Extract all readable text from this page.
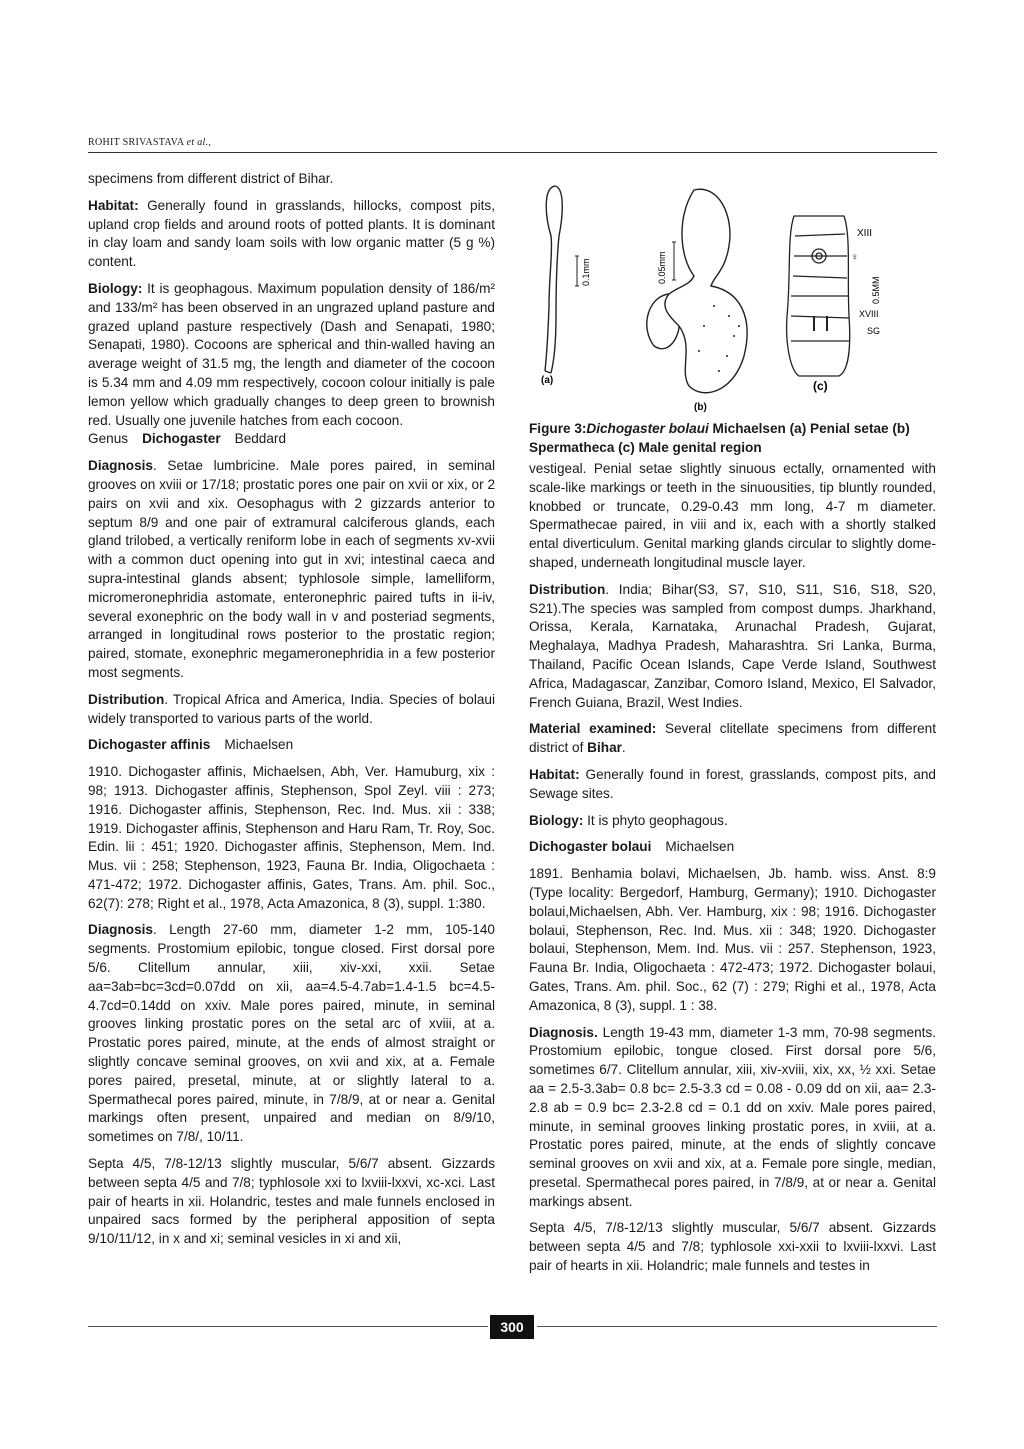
ROHIT SRIVASTAVA et al.,

specimens from different district of Bihar.

Habitat: Generally found in grasslands, hillocks, compost pits, upland crop fields and around roots of potted plants. It is dominant in clay loam and sandy loam soils with low organic matter (5 g %) content.

Biology: It is geophagous. Maximum population density of 186/m² and 133/m² has been observed in an ungrazed upland pasture and grazed upland pasture respectively (Dash and Senapati, 1980; Senapati, 1980). Cocoons are spherical and thin-walled having an average weight of 31.5 mg, the length and diameter of the cocoon is 5.34 mm and 4.09 mm respectively, cocoon colour initially is pale lemon yellow which gradually changes to deep green to brownish red. Usually one juvenile hatches from each cocoon.

Genus Dichogaster Beddard

Diagnosis. Setae lumbricine. Male pores paired, in seminal grooves on xviii or 17/18; prostatic pores one pair on xvii or xix, or 2 pairs on xvii and xix. Oesophagus with 2 gizzards anterior to septum 8/9 and one pair of extramural calciferous glands, each gland trilobed, a vertically reniform lobe in each of segments xv-xvii with a common duct opening into gut in xvi; intestinal caeca and supra-intestinal glands absent; typhlosole simple, lamelliform, micromeronephridia astomate, enteronephric paired tufts in ii-iv, several exonephric on the body wall in v and posteriad segments, arranged in longitudinal rows posterior to the prostatic region; paired, stomate, exonephric megameronephridia in a few posterior most segments.

Distribution. Tropical Africa and America, India. Species of bolaui widely transported to various parts of the world.

Dichogaster affinis Michaelsen

1910. Dichogaster affinis, Michaelsen, Abh, Ver. Hamuburg, xix : 98; 1913. Dichogaster affinis, Stephenson, Spol Zeyl. viii : 273; 1916. Dichogaster affinis, Stephenson, Rec. Ind. Mus. xii : 338; 1919. Dichogaster affinis, Stephenson and Haru Ram, Tr. Roy, Soc. Edin. lii : 451; 1920. Dichogaster affinis, Stephenson, Mem. Ind. Mus. vii : 258; Stephenson, 1923, Fauna Br. India, Oligochaeta : 471-472; 1972. Dichogaster affinis, Gates, Trans. Am. phil. Soc., 62(7): 278; Right et al., 1978, Acta Amazonica, 8 (3), suppl. 1:380.

Diagnosis. Length 27-60 mm, diameter 1-2 mm, 105-140 segments. Prostomium epilobic, tongue closed. First dorsal pore 5/6. Clitellum annular, xiii, xiv-xxi, xxii. Setae aa=3ab=bc=3cd=0.07dd on xii, aa=4.5-4.7ab=1.4-1.5 bc=4.5-4.7cd=0.14dd on xxiv. Male pores paired, minute, in seminal grooves linking prostatic pores on the setal arc of xviii, at a. Prostatic pores paired, minute, at the ends of almost straight or slightly concave seminal grooves, on xvii and xix, at a. Female pores paired, presetal, minute, at or slightly lateral to a. Spermathecal pores paired, minute, in 7/8/9, at or near a. Genital markings often present, unpaired and median on 8/9/10, sometimes on 7/8/, 10/11.

Septa 4/5, 7/8-12/13 slightly muscular, 5/6/7 absent. Gizzards between septa 4/5 and 7/8; typhlosole xxi to lxviii-lxxvi, xc-xci. Last pair of hearts in xii. Holandric, testes and male funnels enclosed in unpaired sacs formed by the peripheral apposition of septa 9/10/11/12, in x and xi; seminal vesicles in xi and xii,

0.1mm
(a)
0.05mm
(b)
0.5MM
XIII
♀
XVIII
SG
(c)
Figure 3:Dichogaster bolaui Michaelsen (a) Penial setae (b) Spermatheca (c) Male genital region

vestigeal. Penial setae slightly sinuous ectally, ornamented with scale-like markings or teeth in the sinuousities, tip bluntly rounded, knobbed or truncate, 0.29-0.43 mm long, 4-7 m diameter. Spermathecae paired, in viii and ix, each with a shortly stalked ental diverticulum. Genital marking glands circular to slightly dome-shaped, underneath longitudinal muscle layer.

Distribution. India; Bihar(S3, S7, S10, S11, S16, S18, S20, S21).The species was sampled from compost dumps. Jharkhand, Orissa, Kerala, Karnataka, Arunachal Pradesh, Gujarat, Meghalaya, Madhya Pradesh, Maharashtra. Sri Lanka, Burma, Thailand, Pacific Ocean Islands, Cape Verde Island, Southwest Africa, Madagascar, Zanzibar, Comoro Island, Mexico, El Salvador, French Guiana, Brazil, West Indies.

Material examined: Several clitellate specimens from different district of Bihar.

Habitat: Generally found in forest, grasslands, compost pits, and Sewage sites.

Biology: It is phyto geophagous.

Dichogaster bolaui Michaelsen

1891. Benhamia bolavi, Michaelsen, Jb. hamb. wiss. Anst. 8:9 (Type locality: Bergedorf, Hamburg, Germany); 1910. Dichogaster bolaui,Michaelsen, Abh. Ver. Hamburg, xix : 98; 1916. Dichogaster bolaui, Stephenson, Rec. Ind. Mus. xii : 348; 1920. Dichogaster bolaui, Stephenson, Mem. Ind. Mus. vii : 257. Stephenson, 1923, Fauna Br. India, Oligochaeta : 472-473; 1972. Dichogaster bolaui, Gates, Trans. Am. phil. Soc., 62 (7) : 279; Righi et al., 1978, Acta Amazonica, 8 (3), suppl. 1 : 38.

Diagnosis. Length 19-43 mm, diameter 1-3 mm, 70-98 segments. Prostomium epilobic, tongue closed. First dorsal pore 5/6, sometimes 6/7. Clitellum annular, xiii, xiv-xviii, xix, xx, ½ xxi. Setae aa = 2.5-3.3ab= 0.8 bc= 2.5-3.3 cd = 0.08 - 0.09 dd on xii, aa= 2.3-2.8 ab = 0.9 bc= 2.3-2.8 cd = 0.1 dd on xxiv. Male pores paired, minute, in seminal grooves linking prostatic pores, in xviii, at a. Prostatic pores paired, minute, at the ends of slightly concave seminal grooves on xvii and xix, at a. Female pore single, median, presetal. Spermathecal pores paired, in 7/8/9, at or near a. Genital markings absent.

Septa 4/5, 7/8-12/13 slightly muscular, 5/6/7 absent. Gizzards between septa 4/5 and 7/8; typhlosole xxi-xxii to lxviii-lxxvi. Last pair of hearts in xii. Holandric; male funnels and testes in

300
